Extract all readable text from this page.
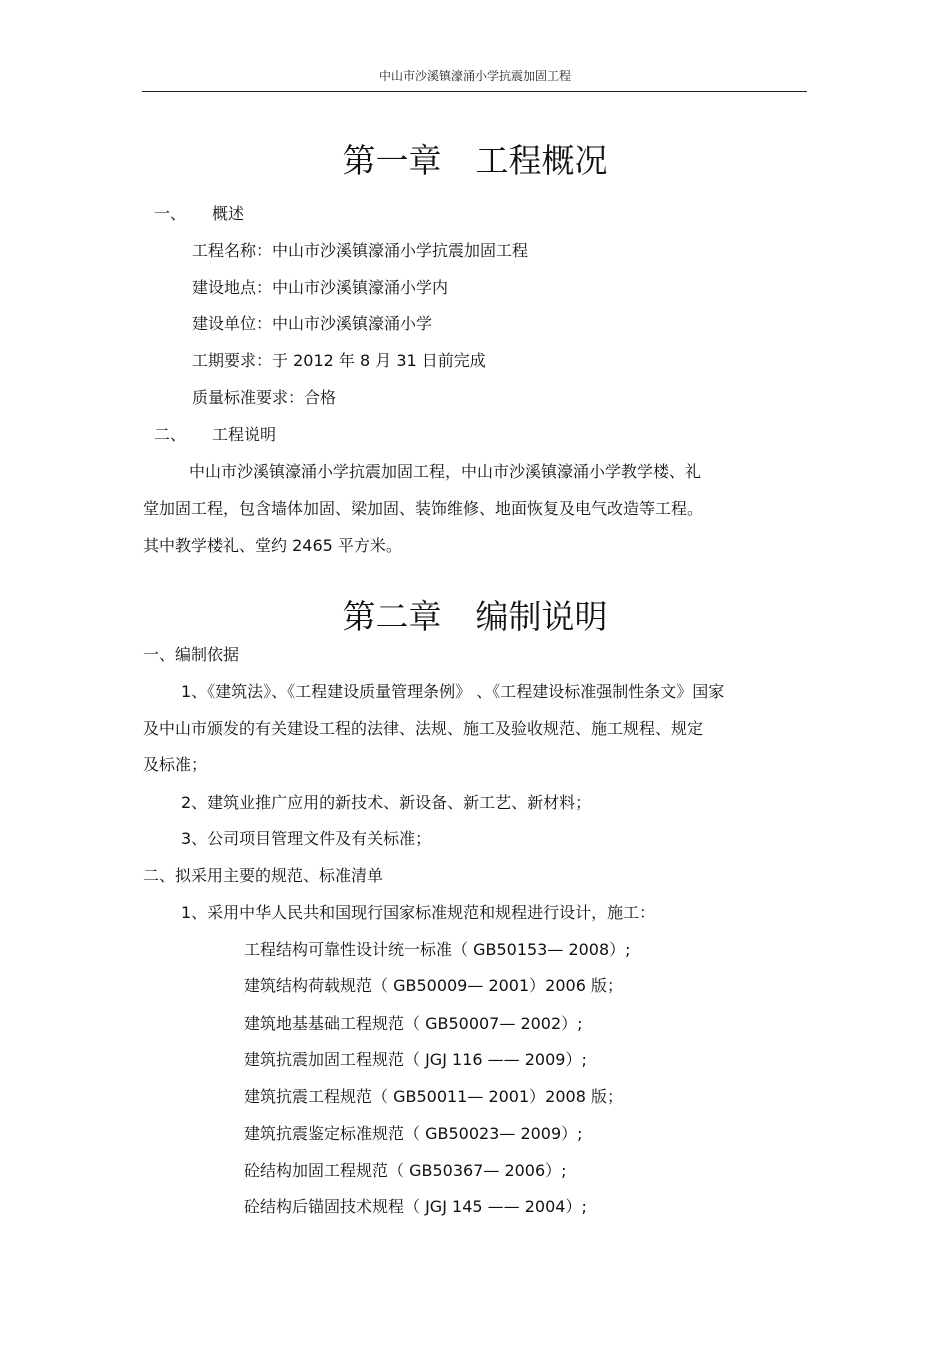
中山市沙溪镇濠涌小学抗震加固工程
第一章 工程概况
一、 概述
工程名称：中山市沙溪镇濠涌小学抗震加固工程
建设地点：中山市沙溪镇濠涌小学内
建设单位：中山市沙溪镇濠涌小学
工期要求：于 2012 年 8 月 31 日前完成
质量标准要求：合格
二、 工程说明
中山市沙溪镇濠涌小学抗震加固工程，中山市沙溪镇濠涌小学教学楼、礼
堂加固工程，包含墙体加固、梁加固、装饰维修、地面恢复及电气改造等工程。
其中教学楼礼、堂约 2465 平方米。
第二章 编制说明
一、编制依据
1、《建筑法》、《工程建设质量管理条例》 、《工程建设标准强制性条文》国家
及中山市颁发的有关建设工程的法律、法规、施工及验收规范、施工规程、规定
及标准；
2、建筑业推广应用的新技术、新设备、新工艺、新材料；
3、公司项目管理文件及有关标准；
二、拟采用主要的规范、标准清单
1、采用中华人民共和国现行国家标准规范和规程进行设计，施工：
工程结构可靠性设计统一标准（ GB50153— 2008）;
建筑结构荷载规范（ GB50009— 2001）2006 版；
建筑地基基础工程规范（ GB50007— 2002）;
建筑抗震加固工程规范（ JGJ 116 —— 2009）;
建筑抗震工程规范（ GB50011— 2001）2008 版；
建筑抗震鉴定标准规范（ GB50023— 2009）;
砼结构加固工程规范（ GB50367— 2006）;
砼结构后锚固技术规程（ JGJ 145 —— 2004）;
